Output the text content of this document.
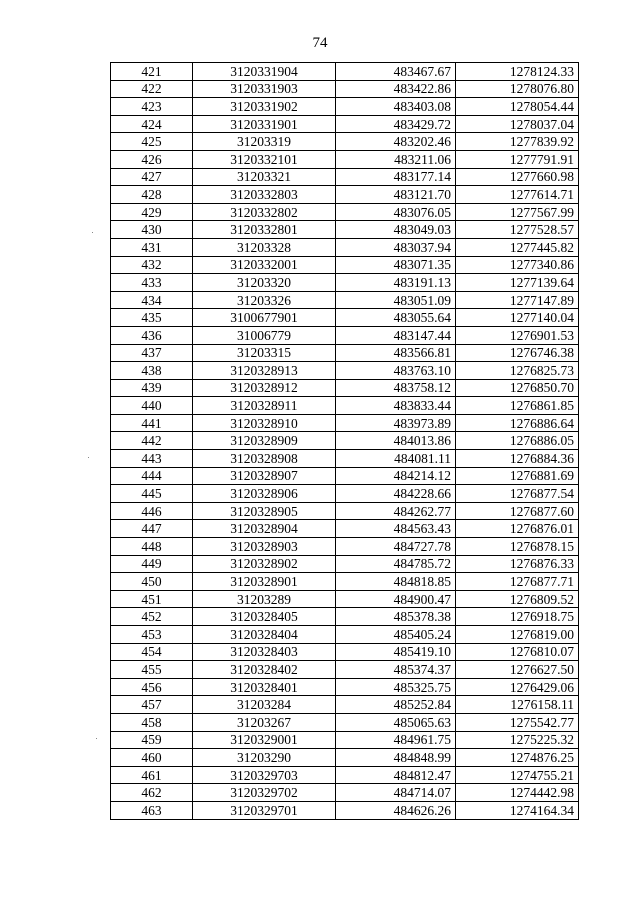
74
421	3120331904	483467.67	1278124.33
422	3120331903	483422.86	1278076.80
423	3120331902	483403.08	1278054.44
424	3120331901	483429.72	1278037.04
425	31203319	483202.46	1277839.92
426	3120332101	483211.06	1277791.91
427	31203321	483177.14	1277660.98
428	3120332803	483121.70	1277614.71
429	3120332802	483076.05	1277567.99
430	3120332801	483049.03	1277528.57
431	31203328	483037.94	1277445.82
432	3120332001	483071.35	1277340.86
433	31203320	483191.13	1277139.64
434	31203326	483051.09	1277147.89
435	3100677901	483055.64	1277140.04
436	31006779	483147.44	1276901.53
437	31203315	483566.81	1276746.38
438	3120328913	483763.10	1276825.73
439	3120328912	483758.12	1276850.70
440	3120328911	483833.44	1276861.85
441	3120328910	483973.89	1276886.64
442	3120328909	484013.86	1276886.05
443	3120328908	484081.11	1276884.36
444	3120328907	484214.12	1276881.69
445	3120328906	484228.66	1276877.54
446	3120328905	484262.77	1276877.60
447	3120328904	484563.43	1276876.01
448	3120328903	484727.78	1276878.15
449	3120328902	484785.72	1276876.33
450	3120328901	484818.85	1276877.71
451	31203289	484900.47	1276809.52
452	3120328405	485378.38	1276918.75
453	3120328404	485405.24	1276819.00
454	3120328403	485419.10	1276810.07
455	3120328402	485374.37	1276627.50
456	3120328401	485325.75	1276429.06
457	31203284	485252.84	1276158.11
458	31203267	485065.63	1275542.77
459	3120329001	484961.75	1275225.32
460	31203290	484848.99	1274876.25
461	3120329703	484812.47	1274755.21
462	3120329702	484714.07	1274442.98
463	3120329701	484626.26	1274164.34
